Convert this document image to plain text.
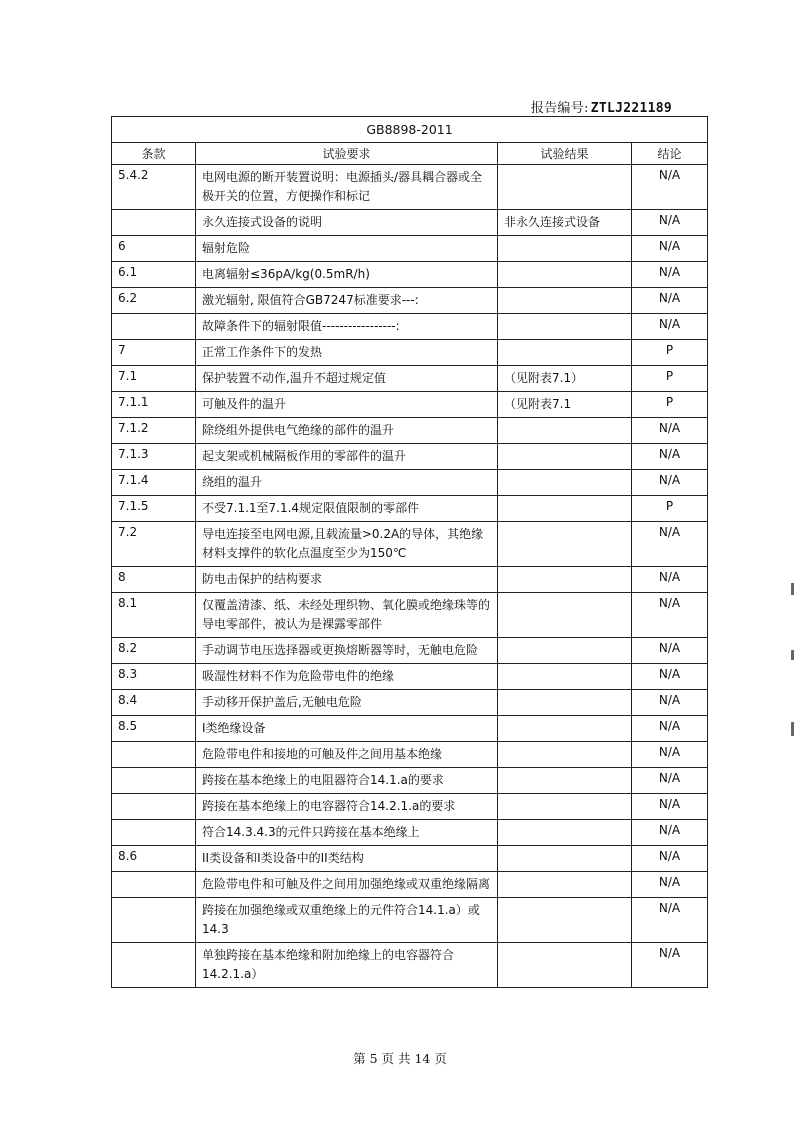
报告编号: ZTLJ221189
GB8898-2011			
条款	试验要求	试验结果	结论
5.4.2	电网电源的断开装置说明：电源插头/器具耦合器或全极开关的位置，方便操作和标记		N/A
	永久连接式设备的说明	非永久连接式设备	N/A
6	辐射危险		N/A
6.1	电离辐射≤36pA/kg(0.5mR/h)		N/A
6.2	激光辐射, 限值符合GB7247标准要求---:		N/A
	故障条件下的辐射限值-----------------:		N/A
7	正常工作条件下的发热		P
7.1	保护装置不动作,温升不超过规定值	（见附表7.1）	P
7.1.1	可触及件的温升	（见附表7.1	P
7.1.2	除绕组外提供电气绝缘的部件的温升		N/A
7.1.3	起支架或机械隔板作用的零部件的温升		N/A
7.1.4	绕组的温升		N/A
7.1.5	不受7.1.1至7.1.4规定限值限制的零部件		P
7.2	导电连接至电网电源,且载流量>0.2A的导体，其绝缘材料支撑件的软化点温度至少为150℃		N/A
8	防电击保护的结构要求		N/A
8.1	仅覆盖清漆、纸、未经处理织物、氧化膜或绝缘珠等的导电零部件，被认为是裸露零部件		N/A
8.2	手动调节电压选择器或更换熔断器等时，无触电危险		N/A
8.3	吸湿性材料不作为危险带电件的绝缘		N/A
8.4	手动移开保护盖后,无触电危险		N/A
8.5	I类绝缘设备		N/A
	危险带电件和接地的可触及件之间用基本绝缘		N/A
	跨接在基本绝缘上的电阻器符合14.1.a的要求		N/A
	跨接在基本绝缘上的电容器符合14.2.1.a的要求		N/A
	符合14.3.4.3的元件只跨接在基本绝缘上		N/A
8.6	II类设备和I类设备中的II类结构		N/A
	危险带电件和可触及件之间用加强绝缘或双重绝缘隔离		N/A
	跨接在加强绝缘或双重绝缘上的元件符合14.1.a）或14.3		N/A
	单独跨接在基本绝缘和附加绝缘上的电容器符合14.2.1.a）		N/A
第 5 页 共 14 页
